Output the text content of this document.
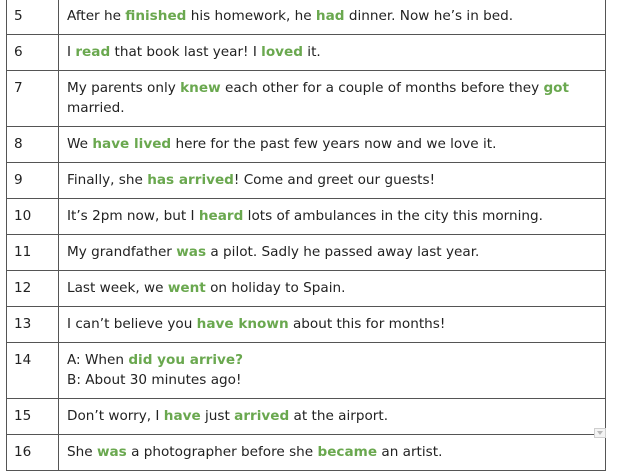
5	After he finished his homework, he had dinner. Now he’s in bed.

6	I read that book last year! I loved it.

7	My parents only knew each other for a couple of months before they got married.

8	We have lived here for the past few years now and we love it.

9	Finally, she has arrived! Come and greet our guests!

10	It’s 2pm now, but I heard lots of ambulances in the city this morning.

11	My grandfather was a pilot. Sadly he passed away last year.

12	Last week, we went on holiday to Spain.

13	I can’t believe you have known about this for months!

14	A: When did you arrive?
B: About 30 minutes ago!

15	Don’t worry, I have just arrived at the airport.

16	She was a photographer before she became an artist.
